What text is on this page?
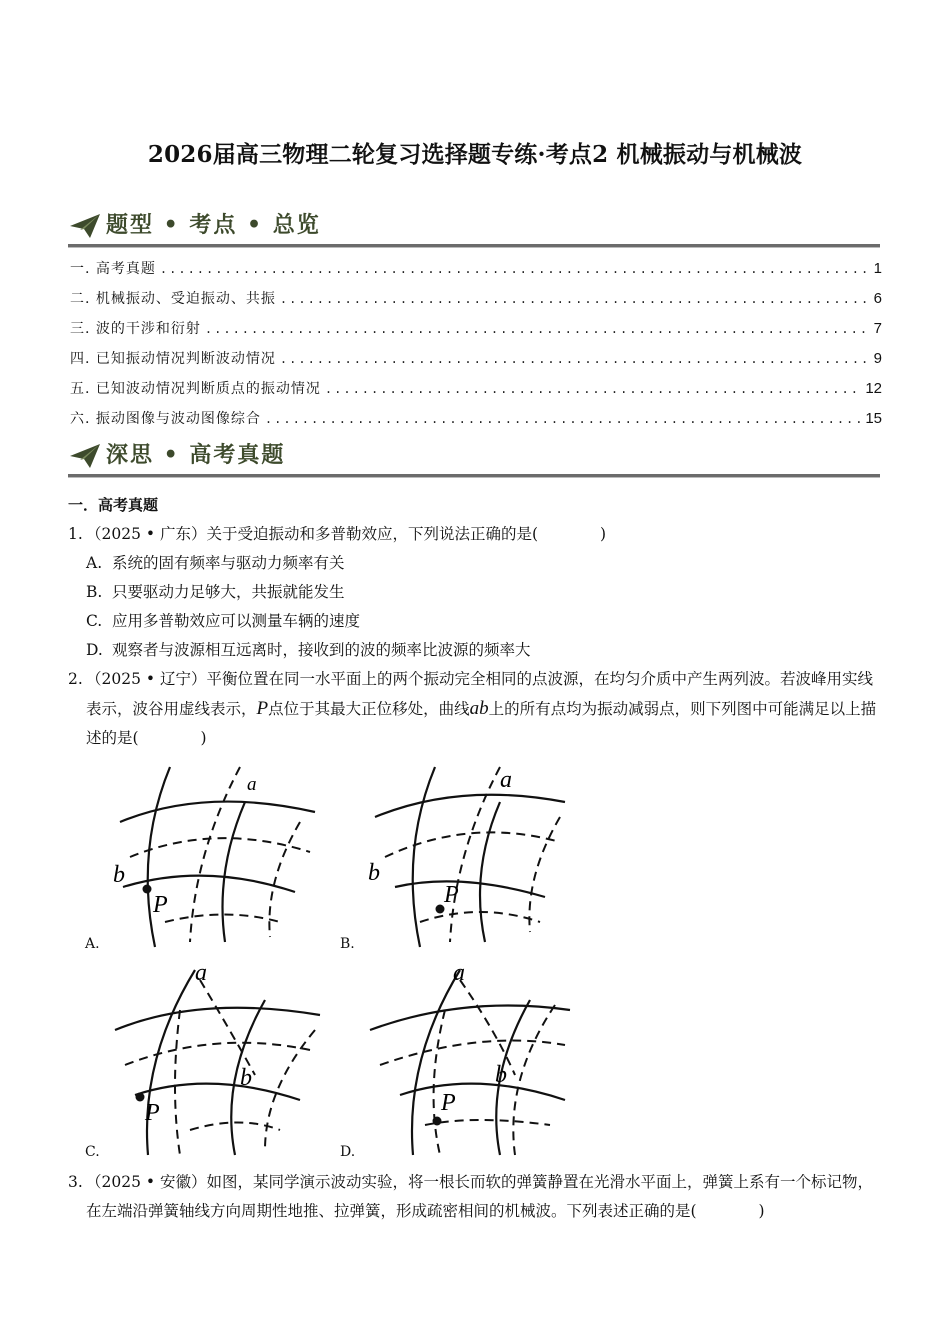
2026届高三物理二轮复习选择题专练·考点2 机械振动与机械波
题型 • 考点 • 总览
一. 高考真题 .....	1
二. 机械振动、受迫振动、共振 .....	6
三. 波的干涉和衍射 .....	7
四. 已知振动情况判断波动情况 .....	9
五. 已知波动情况判断质点的振动情况 .....	12
六. 振动图像与波动图像综合 .....	15
深思 • 高考真题
一．高考真题
1. （2025 • 广东）关于受迫振动和多普勒效应，下列说法正确的是(　　　　)
A. 系统的固有频率与驱动力频率有关
B. 只要驱动力足够大，共振就能发生
C. 应用多普勒效应可以测量车辆的速度
D. 观察者与波源相互远离时，接收到的波的频率比波源的频率大
2. （2025 • 辽宁）平衡位置在同一水平面上的两个振动完全相同的点波源，在均匀介质中产生两列波。若波峰用实线表示，波谷用虚线表示，P点位于其最大正位移处，曲线ab上的所有点均为振动减弱点，则下列图中可能满足以上描述的是(　　　　)
a
b
P
A.
a
b
P
B.
a
b
P
C.
a
b
P
D.
3. （2025 • 安徽）如图，某同学演示波动实验，将一根长而软的弹簧静置在光滑水平面上，弹簧上系有一个标记物，在左端沿弹簧轴线方向周期性地推、拉弹簧，形成疏密相间的机械波。下列表述正确的是(　　　　)
